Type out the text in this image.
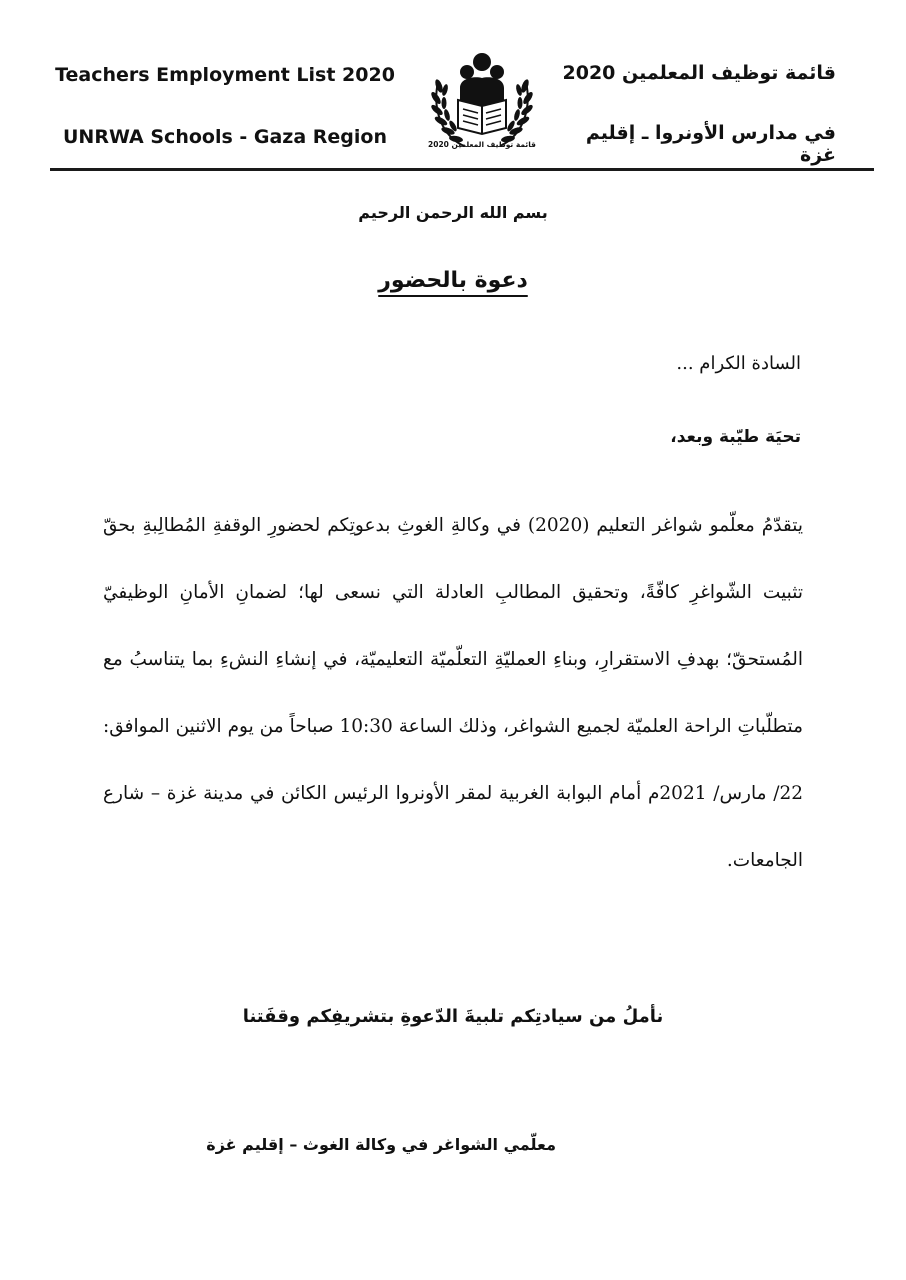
Teachers Employment List 2020
UNRWA Schools - Gaza Region	قائمة توظيف المعلمين 2020
قائمة توظيف المعلمين 2020
في مدارس الأونروا ـ إقليم غزة
بسم الله الرحمن الرحيم
دعوة بالحضور
السادة الكرام ...
تحيَة طيّبة وبعد،
يتقدّمُ معلّمو شواغر التعليم (2020) في وكالةِ الغوثِ بدعوتِكم لحضورِ الوقفةِ المُطالِبةِ بحقّ تثبيت الشّواغرِ كافّةً، وتحقيق المطالبِ العادلة التي نسعى لها؛ لضمانِ الأمانِ الوظيفيّ المُستحقّ؛ بهدفِ الاستقرارِ، وبناءِ العمليّةِ التعلّميّة التعليميّة، في إنشاءِ النشءِ بما يتناسبُ مع متطلّباتِ الراحة العلميّة لجميع الشواغر، وذلك الساعة 10:30 صباحاً من يوم الاثنين الموافق: 22/ مارس/ 2021م أمام البوابة الغربية لمقر الأونروا الرئيس الكائن في مدينة غزة – شارع الجامعات.
نأملُ من سيادتِكم تلبيةَ الدّعوةِ بتشريفِكم وقفَتنا
معلّمي الشواغر في وكالة الغوث – إقليم غزة
